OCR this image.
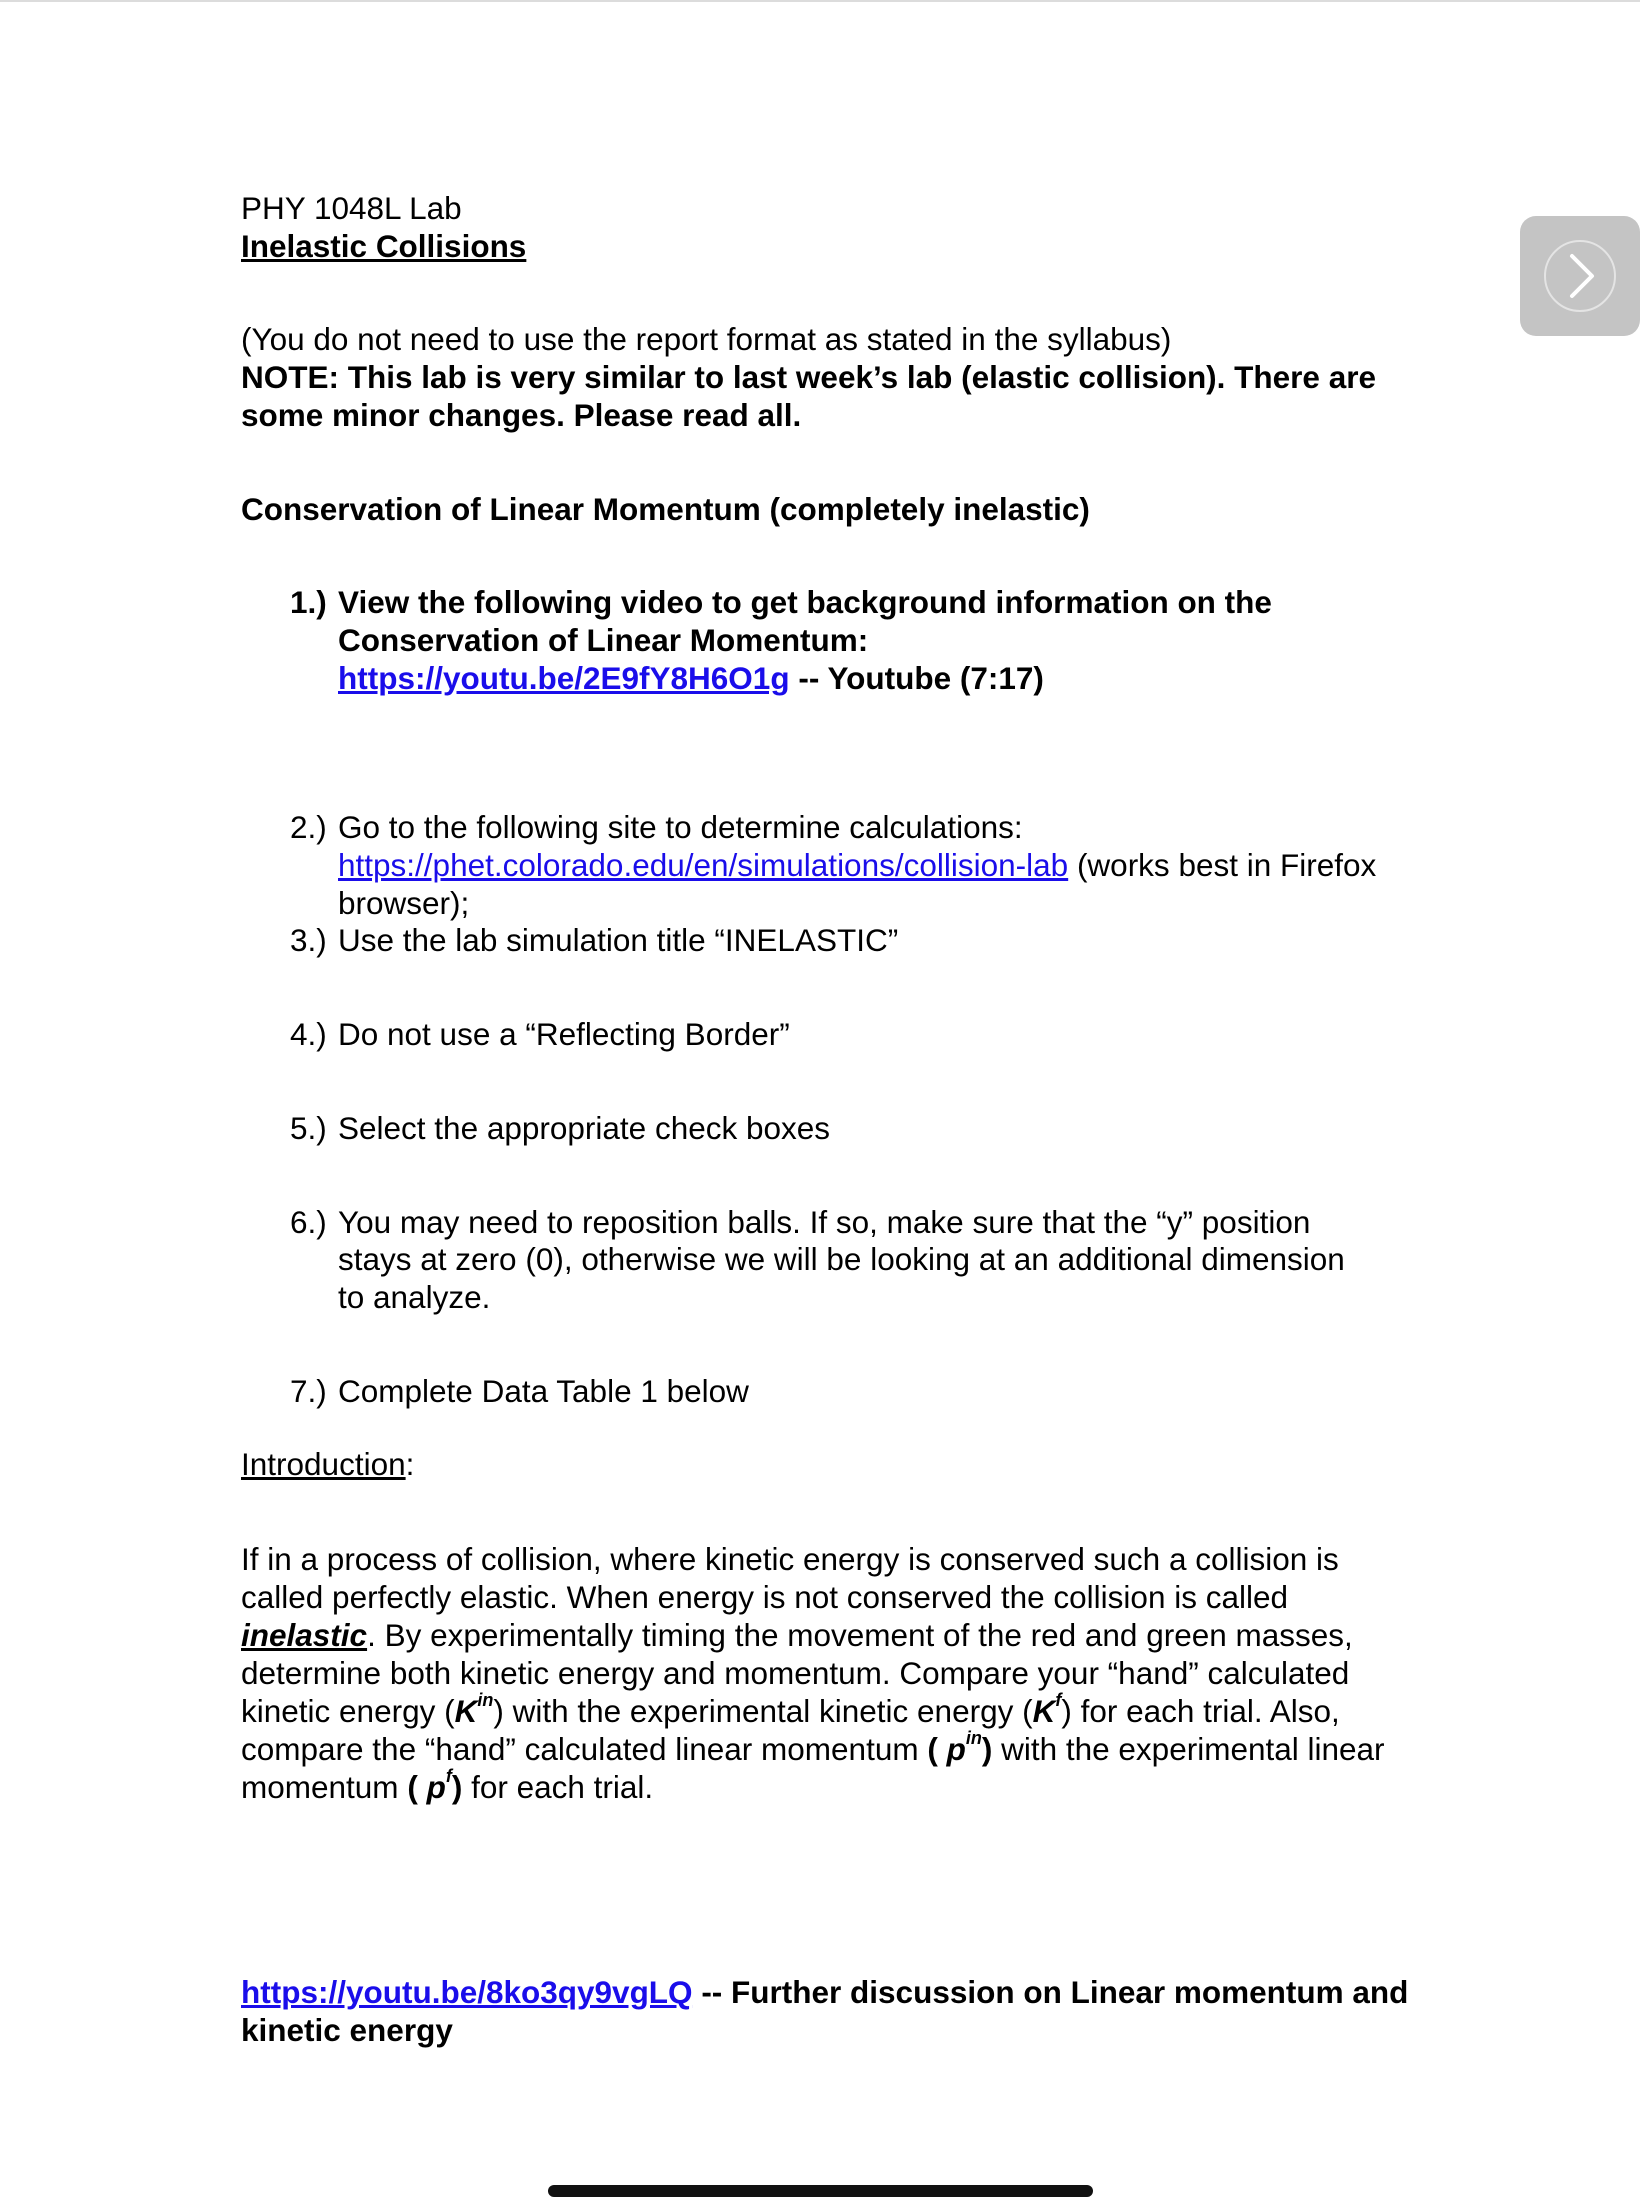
PHY 1048L Lab

Inelastic Collisions

(You do not need to use the report format as stated in the syllabus)

NOTE: This lab is very similar to last week’s lab (elastic collision). There are some minor changes. Please read all.

Conservation of Linear Momentum (completely inelastic)

1.) View the following video to get background information on the Conservation of Linear Momentum:
https://youtu.be/2E9fY8H6O1g -- Youtube (7:17)
2.) Go to the following site to determine calculations:
https://phet.colorado.edu/en/simulations/collision-lab (works best in Firefox browser);
3.) Use the lab simulation title “INELASTIC”
4.) Do not use a “Reflecting Border”
5.) Select the appropriate check boxes
6.) You may need to reposition balls. If so, make sure that the “y” position stays at zero (0), otherwise we will be looking at an additional dimension to analyze.
7.) Complete Data Table 1 below

Introduction:

If in a process of collision, where kinetic energy is conserved such a collision is called perfectly elastic. When energy is not conserved the collision is called inelastic. By experimentally timing the movement of the red and green masses, determine both kinetic energy and momentum. Compare your “hand” calculated kinetic energy $(K^{in})$ with the experimental kinetic energy $(K^f)$ for each trial. Also, compare the “hand” calculated linear momentum ( $p^{in}$) with the experimental linear momentum ( $p^f$) for each trial.

https://youtu.be/8ko3qy9vgLQ -- Further discussion on Linear momentum and kinetic energy
